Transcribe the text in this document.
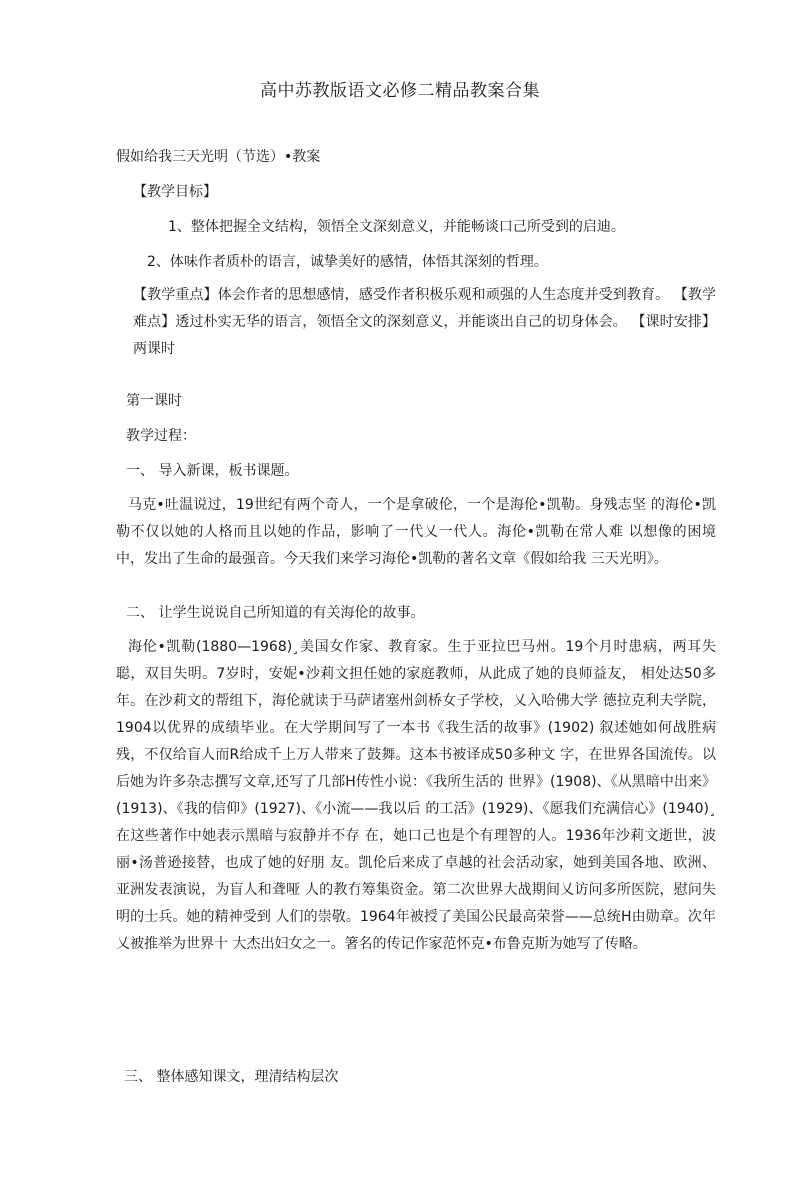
高中苏教版语文必修二精品教案合集
假如给我三天光明（节选）•教案
【教学目标】
1、整体把握全文结构，领悟全文深刻意义，并能畅谈口己所受到的启迪。
2、体味作者质朴的语言，诚挚美好的感情，体悟其深刻的哲理。
【教学重点】体会作者的思想感情，感受作者积极乐观和顽强的人生态度并受到教育。 【教学难点】透过朴实无华的语言，领悟全文的深刻意义，并能谈出自己的切身体会。 【课时安排】两课时
第一课时
教学过程：
一、 导入新课，板书课题。
马克•吐温说过，19世纪有两个奇人，一个是拿破伦，一个是海伦•凯勒。身残志坚 的海伦•凯勒不仅以她的人格而且以她的作品，影响了一代乂一代人。海伦•凯勒在常人难 以想像的困境中，发出了生命的最强音。今天我们来学习海伦•凯勒的著名文章《假如给我 三天光明》。
二、 让学生说说自己所知道的有关海伦的故事。
海伦•凯勒(1880—1968)¸美国女作家、教育家。生于亚拉巴马州。19个月时患病，两耳失聪，双目失明。7岁时，安妮•沙莉文担任她的家庭教师，从此成了她的良师益友， 相处达50多年。在沙莉文的帮组下，海伦就读于马萨诸塞州剑桥女子学校，乂入哈佛大学 德拉克利夫学院，1904以优界的成绩毕业。在大学期间写了一本书《我生活的故事》(1902) 叙述她如何战胜病残，不仅给盲人而R给成千上万人带来了鼓舞。这本书被译成50多种文 字，在世界各国流传。以后她为许多杂志撰写文章,还写了几部H传性小说：《我所生活的 世界》(1908)、《从黑暗中出来》(1913)、《我的信仰》(1927)、《小流——我以后 的工活》(1929)、《愿我们充满信心》(1940)¸在这些著作中她表示黑暗与寂静并不存 在，她口己也是个有理智的人。1936年沙莉文逝世，波丽•汤普逊接替，也成了她的好朋 友。凯伦后来成了卓越的社会活动家，她到美国各地、欧洲、亚洲发表演说，为盲人和聋哑 人的教冇筹集资金。第二次世界大战期间乂访问多所医院，慰问失明的士兵。她的精神受到 人们的崇敬。1964年被授了美国公民最高荣誉——总统H由勋章。次年乂被推举为世界十 大杰出妇女之一。箸名的传记作家范怀克•布鲁克斯为她写了传略。
三、 整体感知课文，理清结构层次
